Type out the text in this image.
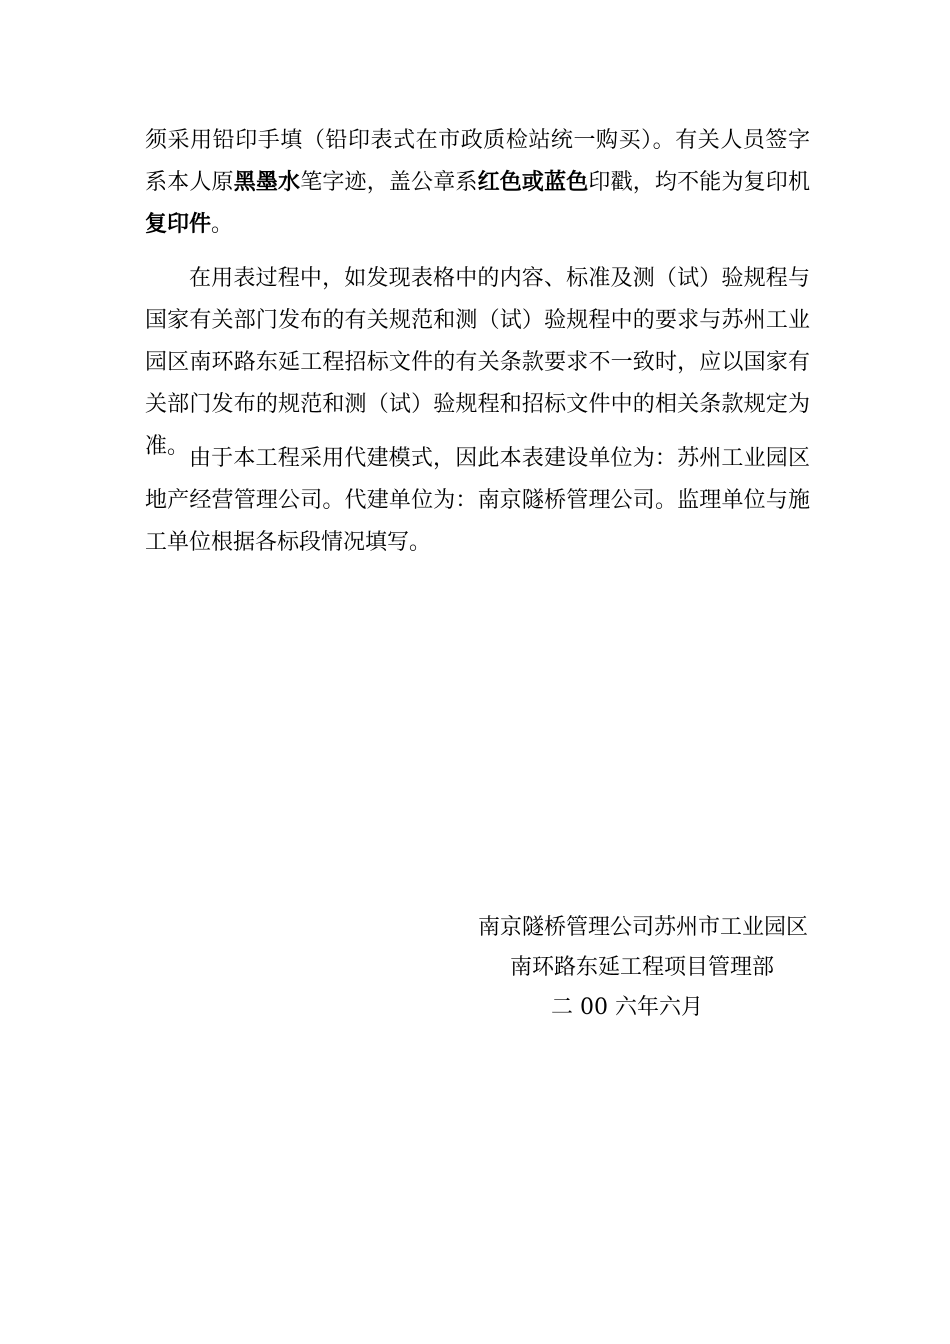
须采用铅印手填（铅印表式在市政质检站统一购买）。有关人员签字系本人原黑墨水笔字迹，盖公章系红色或蓝色印戳，均不能为复印机复印件。

在用表过程中，如发现表格中的内容、标准及测（试）验规程与国家有关部门发布的有关规范和测（试）验规程中的要求与苏州工业园区南环路东延工程招标文件的有关条款要求不一致时，应以国家有关部门发布的规范和测（试）验规程和招标文件中的相关条款规定为准。 由于本工程采用代建模式，因此本表建设单位为：苏州工业园区地产经营管理公司。代建单位为：南京隧桥管理公司。监理单位与施工单位根据各标段情况填写。

南京隧桥管理公司苏州市工业园区
南环路东延工程项目管理部
二 00 六年六月
